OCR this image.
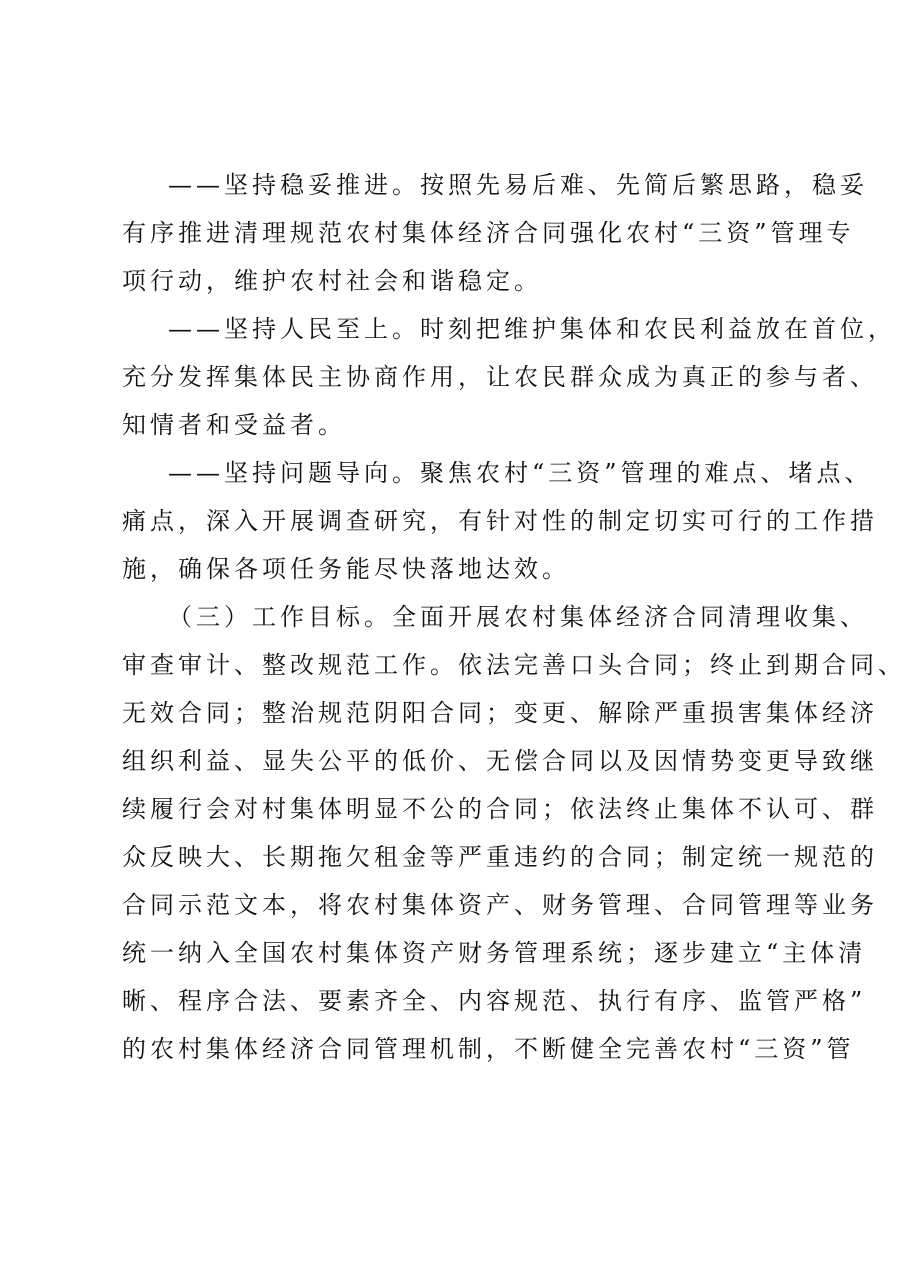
——坚持稳妥推进。按照先易后难、先简后繁思路，稳妥
有序推进清理规范农村集体经济合同强化农村“三资”管理专
项行动，维护农村社会和谐稳定。
——坚持人民至上。时刻把维护集体和农民利益放在首位，
充分发挥集体民主协商作用，让农民群众成为真正的参与者、
知情者和受益者。
——坚持问题导向。聚焦农村“三资”管理的难点、堵点、
痛点，深入开展调查研究，有针对性的制定切实可行的工作措
施，确保各项任务能尽快落地达效。
（三）工作目标。全面开展农村集体经济合同清理收集、
审查审计、整改规范工作。依法完善口头合同；终止到期合同、
无效合同；整治规范阴阳合同；变更、解除严重损害集体经济
组织利益、显失公平的低价、无偿合同以及因情势变更导致继
续履行会对村集体明显不公的合同；依法终止集体不认可、群
众反映大、长期拖欠租金等严重违约的合同；制定统一规范的
合同示范文本，将农村集体资产、财务管理、合同管理等业务
统一纳入全国农村集体资产财务管理系统；逐步建立“主体清
晰、程序合法、要素齐全、内容规范、执行有序、监管严格”
的农村集体经济合同管理机制，不断健全完善农村“三资”管
